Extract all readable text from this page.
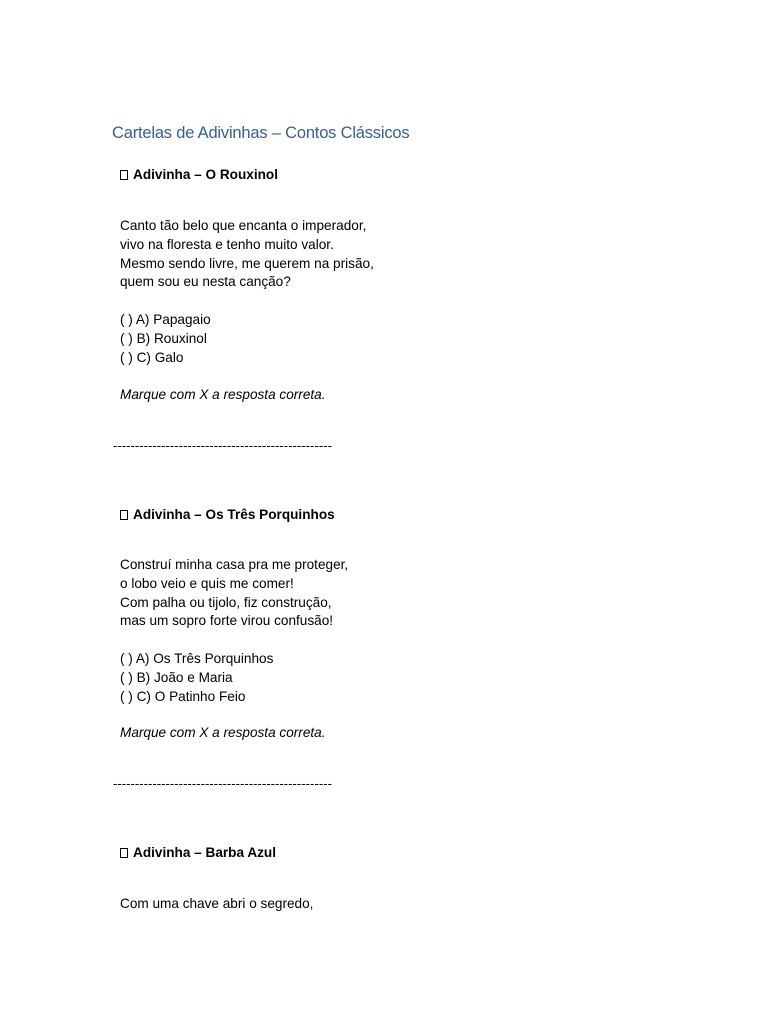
Cartelas de Adivinhas – Contos Clássicos
Adivinha – O Rouxinol
Canto tão belo que encanta o imperador,
vivo na floresta e tenho muito valor.
Mesmo sendo livre, me querem na prisão,
quem sou eu nesta canção?
( ) A) Papagaio
( ) B) Rouxinol
( ) C) Galo
Marque com X a resposta correta.
--------------------------------------------------
Adivinha – Os Três Porquinhos
Construí minha casa pra me proteger,
o lobo veio e quis me comer!
Com palha ou tijolo, fiz construção,
mas um sopro forte virou confusão!
( ) A) Os Três Porquinhos
( ) B) João e Maria
( ) C) O Patinho Feio
Marque com X a resposta correta.
--------------------------------------------------
Adivinha – Barba Azul
Com uma chave abri o segredo,
